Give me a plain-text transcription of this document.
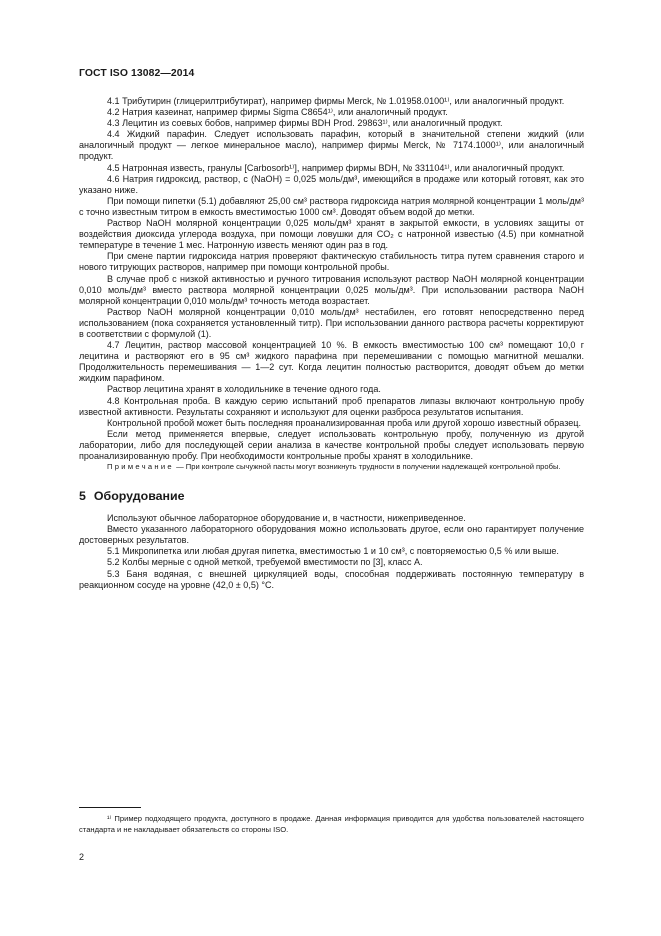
ГОСТ ISO 13082—2014

4.1 Трибутирин (глицерилтрибутират), например фирмы Merck, № 1.01958.0100¹⁾, или аналогичный продукт.

4.2 Натрия казеинат, например фирмы Sigma C8654¹⁾, или аналогичный продукт.

4.3 Лецитин из соевых бобов, например фирмы BDH Prod. 29863¹⁾, или аналогичный продукт.

4.4 Жидкий парафин. Следует использовать парафин, который в значительной степени жидкий (или аналогичный продукт — легкое минеральное масло), например фирмы Merck, № 7174.1000¹⁾, или аналогичный продукт.

4.5 Натронная известь, гранулы [Carbosorb¹⁾], например фирмы BDH, № 331104¹⁾, или аналогичный продукт.

4.6 Натрия гидроксид, раствор, c (NaOH) = 0,025 моль/дм³, имеющийся в продаже или который готовят, как это указано ниже.

При помощи пипетки (5.1) добавляют 25,00 см³ раствора гидроксида натрия молярной концентрации 1 моль/дм³ с точно известным титром в емкость вместимостью 1000 см³. Доводят объем водой до метки.

Раствор NaOH молярной концентрации 0,025 моль/дм³ хранят в закрытой емкости, в условиях защиты от воздействия диоксида углерода воздуха, при помощи ловушки для CO₂ с натронной известью (4.5) при комнатной температуре в течение 1 мес. Натронную известь меняют один раз в год.

При смене партии гидроксида натрия проверяют фактическую стабильность титра путем сравнения старого и нового титрующих растворов, например при помощи контрольной пробы.

В случае проб с низкой активностью и ручного титрования используют раствор NaOH молярной концентрации 0,010 моль/дм³ вместо раствора молярной концентрации 0,025 моль/дм³. При использовании раствора NaOH молярной концентрации 0,010 моль/дм³ точность метода возрастает.

Раствор NaOH молярной концентрации 0,010 моль/дм³ нестабилен, его готовят непосредственно перед использованием (пока сохраняется установленный титр). При использовании данного раствора расчеты корректируют в соответствии с формулой (1).

4.7 Лецитин, раствор массовой концентрацией 10 %. В емкость вместимостью 100 см³ помещают 10,0 г лецитина и растворяют его в 95 см³ жидкого парафина при перемешивании с помощью магнитной мешалки. Продолжительность перемешивания — 1—2 сут. Когда лецитин полностью растворится, доводят объем до метки жидким парафином.

Раствор лецитина хранят в холодильнике в течение одного года.

4.8 Контрольная проба. В каждую серию испытаний проб препаратов липазы включают контрольную пробу известной активности. Результаты сохраняют и используют для оценки разброса результатов испытания.

Контрольной пробой может быть последняя проанализированная проба или другой хорошо известный образец.

Если метод применяется впервые, следует использовать контрольную пробу, полученную из другой лаборатории, либо для последующей серии анализа в качестве контрольной пробы следует использовать первую проанализированную пробу. При необходимости контрольные пробы хранят в холодильнике.

Примечание — При контроле сычужной пасты могут возникнуть трудности в получении надлежащей контрольной пробы.

5 Оборудование

Используют обычное лабораторное оборудование и, в частности, нижеприведенное.

Вместо указанного лабораторного оборудования можно использовать другое, если оно гарантирует получение достоверных результатов.

5.1 Микропипетка или любая другая пипетка, вместимостью 1 и 10 см³, с повторяемостью 0,5 % или выше.

5.2 Колбы мерные с одной меткой, требуемой вместимости по [3], класс А.

5.3 Баня водяная, с внешней циркуляцией воды, способная поддерживать постоянную температуру в реакционном сосуде на уровне (42,0 ± 0,5) °С.

¹⁾ Пример подходящего продукта, доступного в продаже. Данная информация приводится для удобства пользователей настоящего стандарта и не накладывает обязательств со стороны ISO.
2
